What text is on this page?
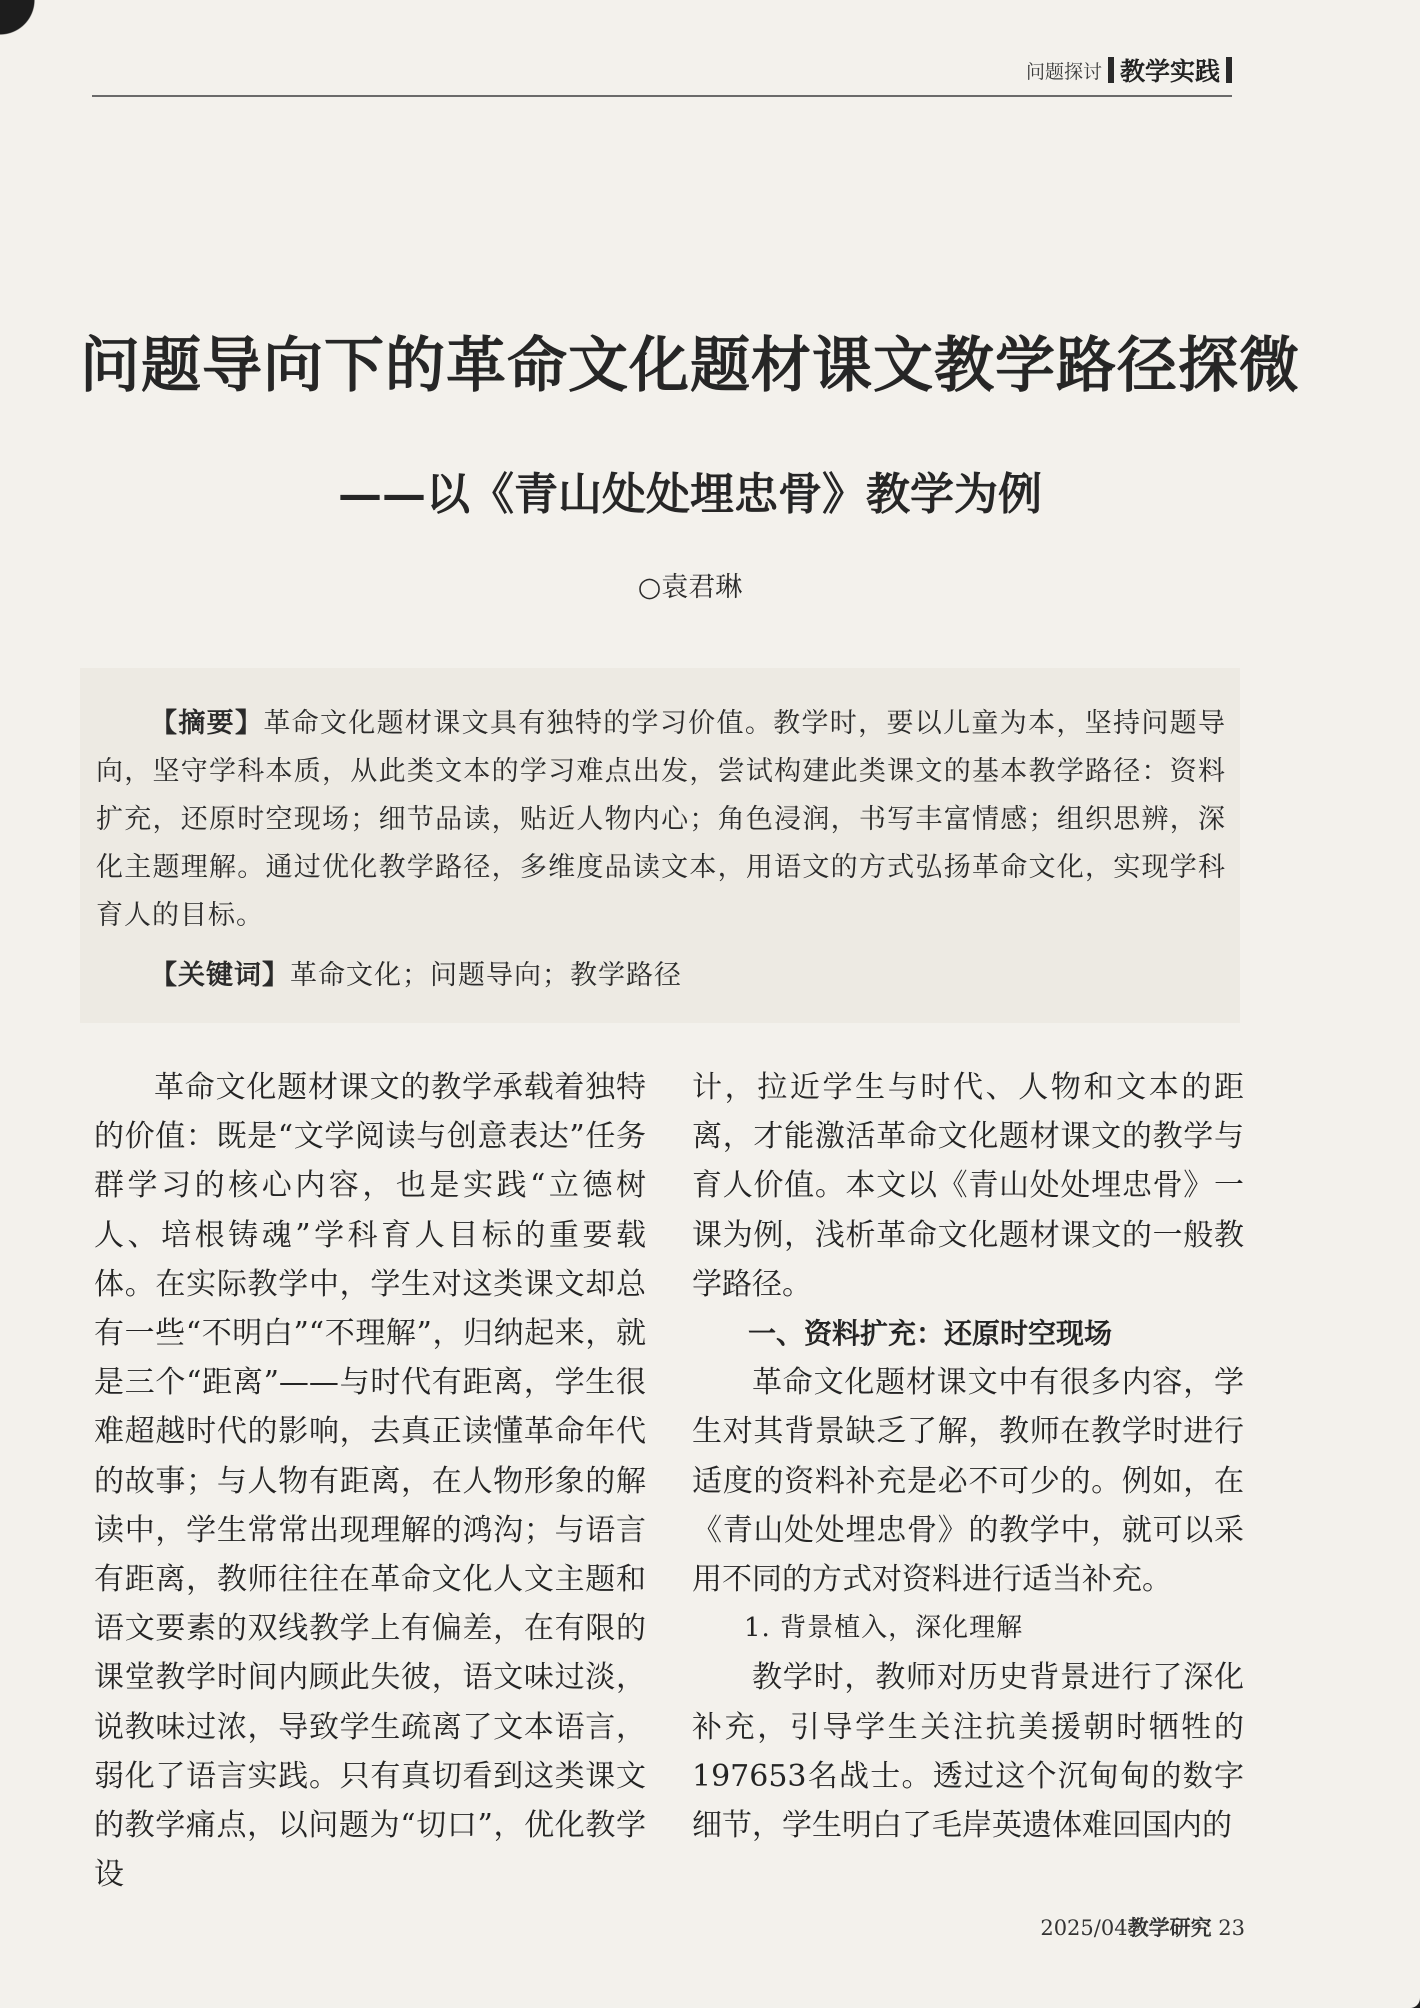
问题探讨 教学实践
问题导向下的革命文化题材课文教学路径探微
——以《青山处处埋忠骨》教学为例
○袁君琳
【摘要】革命文化题材课文具有独特的学习价值。教学时，要以儿童为本，坚持问题导向，坚守学科本质，从此类文本的学习难点出发，尝试构建此类课文的基本教学路径：资料扩充，还原时空现场；细节品读，贴近人物内心；角色浸润，书写丰富情感；组织思辨，深化主题理解。通过优化教学路径，多维度品读文本，用语文的方式弘扬革命文化，实现学科育人的目标。
【关键词】革命文化；问题导向；教学路径

革命文化题材课文的教学承载着独特的价值：既是“文学阅读与创意表达”任务群学习的核心内容，也是实践“立德树人、培根铸魂”学科育人目标的重要载体。在实际教学中，学生对这类课文却总有一些“不明白”“不理解”，归纳起来，就是三个“距离”——与时代有距离，学生很难超越时代的影响，去真正读懂革命年代的故事；与人物有距离，在人物形象的解读中，学生常常出现理解的鸿沟；与语言有距离，教师往往在革命文化人文主题和语文要素的双线教学上有偏差，在有限的课堂教学时间内顾此失彼，语文味过淡，说教味过浓，导致学生疏离了文本语言，弱化了语言实践。只有真切看到这类课文的教学痛点，以问题为“切口”，优化教学设

计，拉近学生与时代、人物和文本的距离，才能激活革命文化题材课文的教学与育人价值。本文以《青山处处埋忠骨》一课为例，浅析革命文化题材课文的一般教学路径。

一、资料扩充：还原时空现场

革命文化题材课文中有很多内容，学生对其背景缺乏了解，教师在教学时进行适度的资料补充是必不可少的。例如，在《青山处处埋忠骨》的教学中，就可以采用不同的方式对资料进行适当补充。

1. 背景植入，深化理解

教学时，教师对历史背景进行了深化补充，引导学生关注抗美援朝时牺牲的197653名战士。透过这个沉甸甸的数字细节，学生明白了毛岸英遗体难回国内的

2025/04教学研究 23
